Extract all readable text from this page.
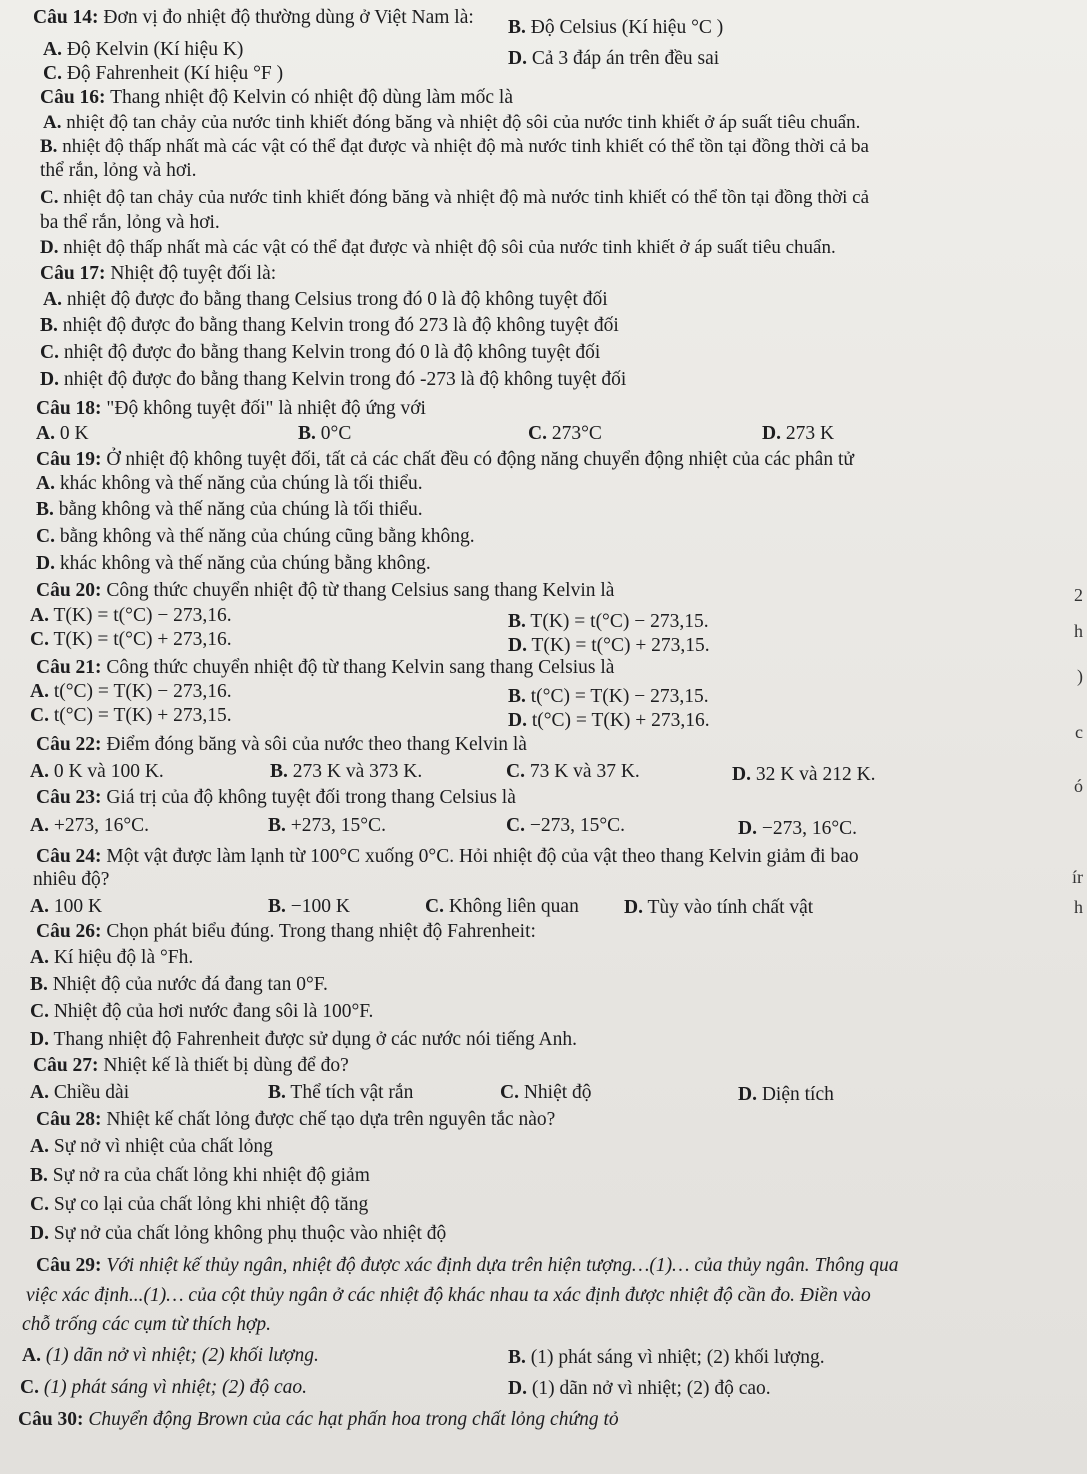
Câu 14: Đơn vị đo nhiệt độ thường dùng ở Việt Nam là: B. Độ Celsius (Kí hiệu °C )
A. Độ Kelvin (Kí hiệu K)	D. Cả 3 đáp án trên đều sai
C. Độ Fahrenheit (Kí hiệu °F )
Câu 16: Thang nhiệt độ Kelvin có nhiệt độ dùng làm mốc là
A. nhiệt độ tan chảy của nước tinh khiết đóng băng và nhiệt độ sôi của nước tinh khiết ở áp suất tiêu chuẩn.
B. nhiệt độ thấp nhất mà các vật có thể đạt được và nhiệt độ mà nước tinh khiết có thể tồn tại đồng thời cả ba
thể rắn, lỏng và hơi.
C. nhiệt độ tan chảy của nước tinh khiết đóng băng và nhiệt độ mà nước tinh khiết có thể tồn tại đồng thời cả
ba thể rắn, lỏng và hơi.
D. nhiệt độ thấp nhất mà các vật có thể đạt được và nhiệt độ sôi của nước tinh khiết ở áp suất tiêu chuẩn.
Câu 17: Nhiệt độ tuyệt đối là:
A. nhiệt độ được đo bằng thang Celsius trong đó 0 là độ không tuyệt đối
B. nhiệt độ được đo bằng thang Kelvin trong đó 273 là độ không tuyệt đối
C. nhiệt độ được đo bằng thang Kelvin trong đó 0 là độ không tuyệt đối
D. nhiệt độ được đo bằng thang Kelvin trong đó -273 là độ không tuyệt đối
Câu 18: "Độ không tuyệt đối" là nhiệt độ ứng với
A. 0 K	B. 0°C	C. 273°C	D. 273 K
Câu 19: Ở nhiệt độ không tuyệt đối, tất cả các chất đều có động năng chuyển động nhiệt của các phân tử
A. khác không và thế năng của chúng là tối thiểu.
B. bằng không và thế năng của chúng là tối thiểu.
C. bằng không và thế năng của chúng cũng bằng không.
D. khác không và thế năng của chúng bằng không.
Câu 20: Công thức chuyển nhiệt độ từ thang Celsius sang thang Kelvin là
A. T(K) = t(°C) − 273,16.	B. T(K) = t(°C) − 273,15.
C. T(K) = t(°C) + 273,16.	D. T(K) = t(°C) + 273,15.
Câu 21: Công thức chuyển nhiệt độ từ thang Kelvin sang thang Celsius là
A. t(°C) = T(K) − 273,16.	B. t(°C) = T(K) − 273,15.
C. t(°C) = T(K) + 273,15.	D. t(°C) = T(K) + 273,16.
Câu 22: Điểm đóng băng và sôi của nước theo thang Kelvin là
A. 0 K và 100 K.	B. 273 K và 373 K.	C. 73 K và 37 K.	D. 32 K và 212 K.
Câu 23: Giá trị của độ không tuyệt đối trong thang Celsius là
A. +273, 16°C.	B. +273, 15°C.	C. −273, 15°C.	D. −273, 16°C.
Câu 24: Một vật được làm lạnh từ 100°C xuống 0°C. Hỏi nhiệt độ của vật theo thang Kelvin giảm đi bao
nhiêu độ?
A. 100 K	B. −100 K	C. Không liên quan D. Tùy vào tính chất vật
Câu 26: Chọn phát biểu đúng. Trong thang nhiệt độ Fahrenheit:
A. Kí hiệu độ là °Fh.
B. Nhiệt độ của nước đá đang tan 0°F.
C. Nhiệt độ của hơi nước đang sôi là 100°F.
D. Thang nhiệt độ Fahrenheit được sử dụng ở các nước nói tiếng Anh.
Câu 27: Nhiệt kế là thiết bị dùng để đo?
A. Chiều dài	B. Thể tích vật rắn	C. Nhiệt độ	D. Diện tích
Câu 28: Nhiệt kế chất lỏng được chế tạo dựa trên nguyên tắc nào?
A. Sự nở vì nhiệt của chất lỏng
B. Sự nở ra của chất lỏng khi nhiệt độ giảm
C. Sự co lại của chất lỏng khi nhiệt độ tăng
D. Sự nở của chất lỏng không phụ thuộc vào nhiệt độ
Câu 29: Với nhiệt kế thủy ngân, nhiệt độ được xác định dựa trên hiện tượng…(1)… của thủy ngân. Thông qua
việc xác định...(1)… của cột thủy ngân ở các nhiệt độ khác nhau ta xác định được nhiệt độ cần đo. Điền vào
chỗ trống các cụm từ thích hợp.
A. (1) dãn nở vì nhiệt; (2) khối lượng.	B. (1) phát sáng vì nhiệt; (2) khối lượng.
C. (1) phát sáng vì nhiệt; (2) độ cao.	D. (1) dãn nở vì nhiệt; (2) độ cao.
Câu 30: Chuyển động Brown của các hạt phấn hoa trong chất lỏng chứng tỏ
2
h
)
c
ó
ír
h
